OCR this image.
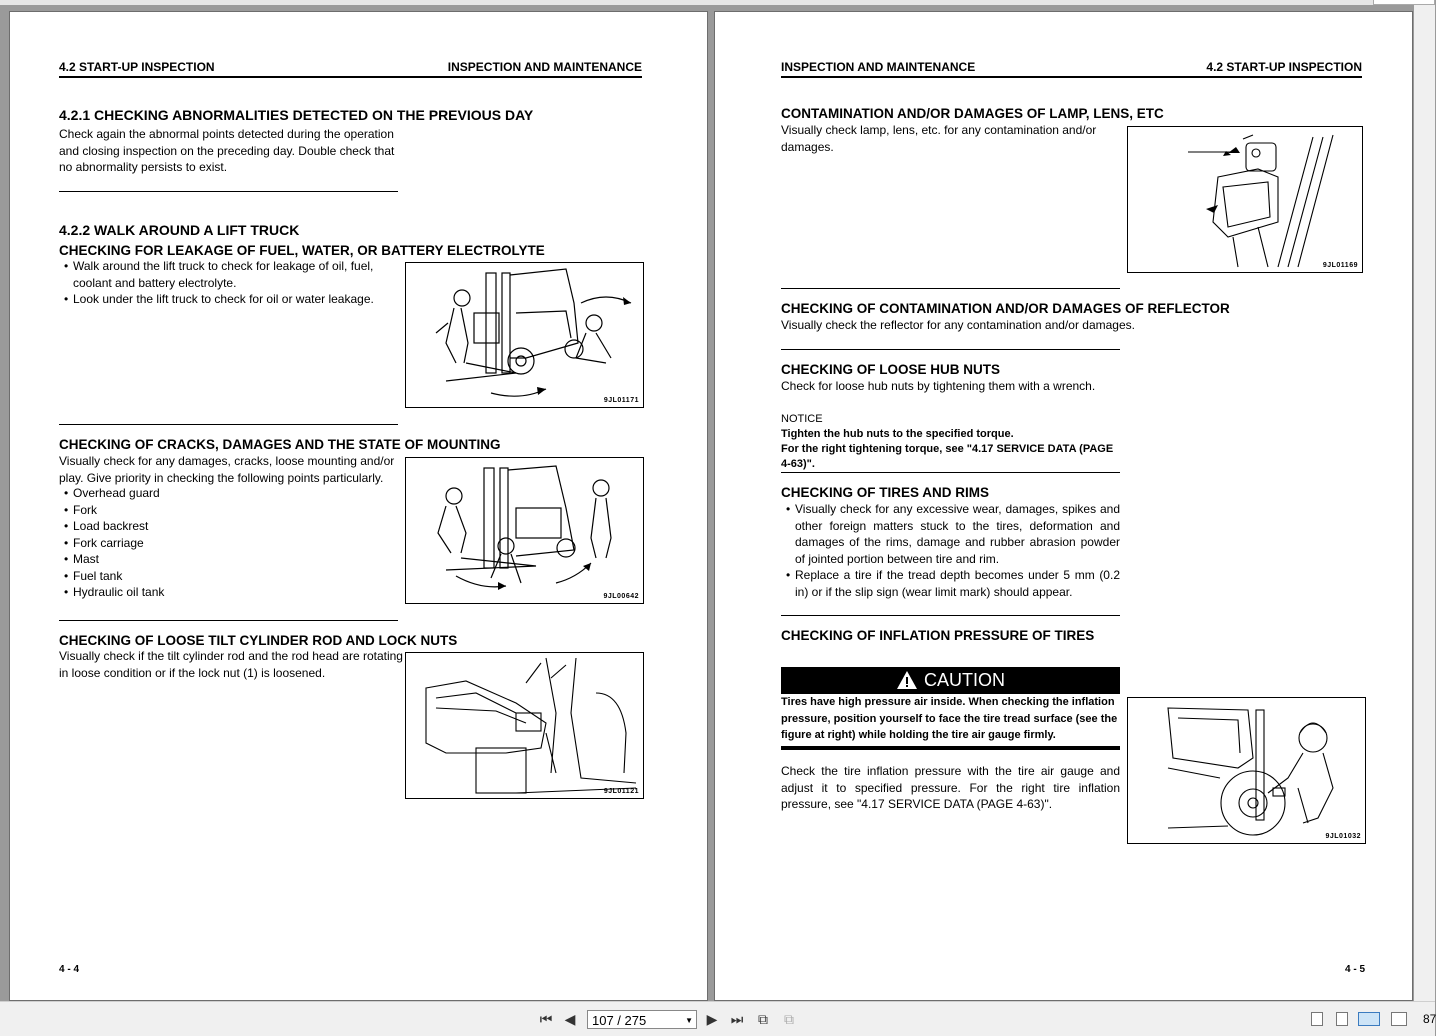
4.2 START-UP INSPECTION	INSPECTION AND MAINTENANCE
4.2.1 CHECKING ABNORMALITIES DETECTED ON THE PREVIOUS DAY
Check again the abnormal points detected during the operation and closing inspection on the preceding day. Double check that no abnormality persists to exist.
4.2.2 WALK AROUND A LIFT TRUCK
CHECKING FOR LEAKAGE OF FUEL, WATER, OR BATTERY ELECTROLYTE
• Walk around the lift truck to check for leakage of oil, fuel, coolant and battery electrolyte.
• Look under the lift truck to check for oil or water leakage.
9JL01171
CHECKING OF CRACKS, DAMAGES AND THE STATE OF MOUNTING
Visually check for any damages, cracks, loose mounting and/or play. Give priority in checking the following points particularly.
• Overhead guard
• Fork
• Load backrest
• Fork carriage
• Mast
• Fuel tank
• Hydraulic oil tank	9JL00642
CHECKING OF LOOSE TILT CYLINDER ROD AND LOCK NUTS
Visually check if the tilt cylinder rod and the rod head are rotating in loose condition or if the lock nut (1) is loosened.
9JL01121
4 - 4
INSPECTION AND MAINTENANCE	4.2 START-UP INSPECTION
CONTAMINATION AND/OR DAMAGES OF LAMP, LENS, ETC
Visually check lamp, lens, etc. for any contamination and/or damages.
9JL01169
CHECKING OF CONTAMINATION AND/OR DAMAGES OF REFLECTOR
Visually check the reflector for any contamination and/or damages.
CHECKING OF LOOSE HUB NUTS
Check for loose hub nuts by tightening them with a wrench.
NOTICE
Tighten the hub nuts to the specified torque.
For the right tightening torque, see "4.17 SERVICE DATA (PAGE 4-63)".
CHECKING OF TIRES AND RIMS
• Visually check for any excessive wear, damages, spikes and other foreign matters stuck to the tires, deformation and damages of the rims, damage and rubber abrasion powder of jointed portion between tire and rim.
• Replace a tire if the tread depth becomes under 5 mm (0.2 in) or if the slip sign (wear limit mark) should appear.
CHECKING OF INFLATION PRESSURE OF TIRES
CAUTION
Tires have high pressure air inside. When checking the inflation pressure, position yourself to face the tire tread surface (see the figure at right) while holding the tire air gauge firmly.
Check the tire inflation pressure with the tire air gauge and adjust it to specified pressure. For the right tire inflation pressure, see "4.17 SERVICE DATA (PAGE 4-63)".
9JL01032
4 - 5
⏮ ◀	107 / 275	▼ ▶ ⏭ ⧉ ⧉	87
